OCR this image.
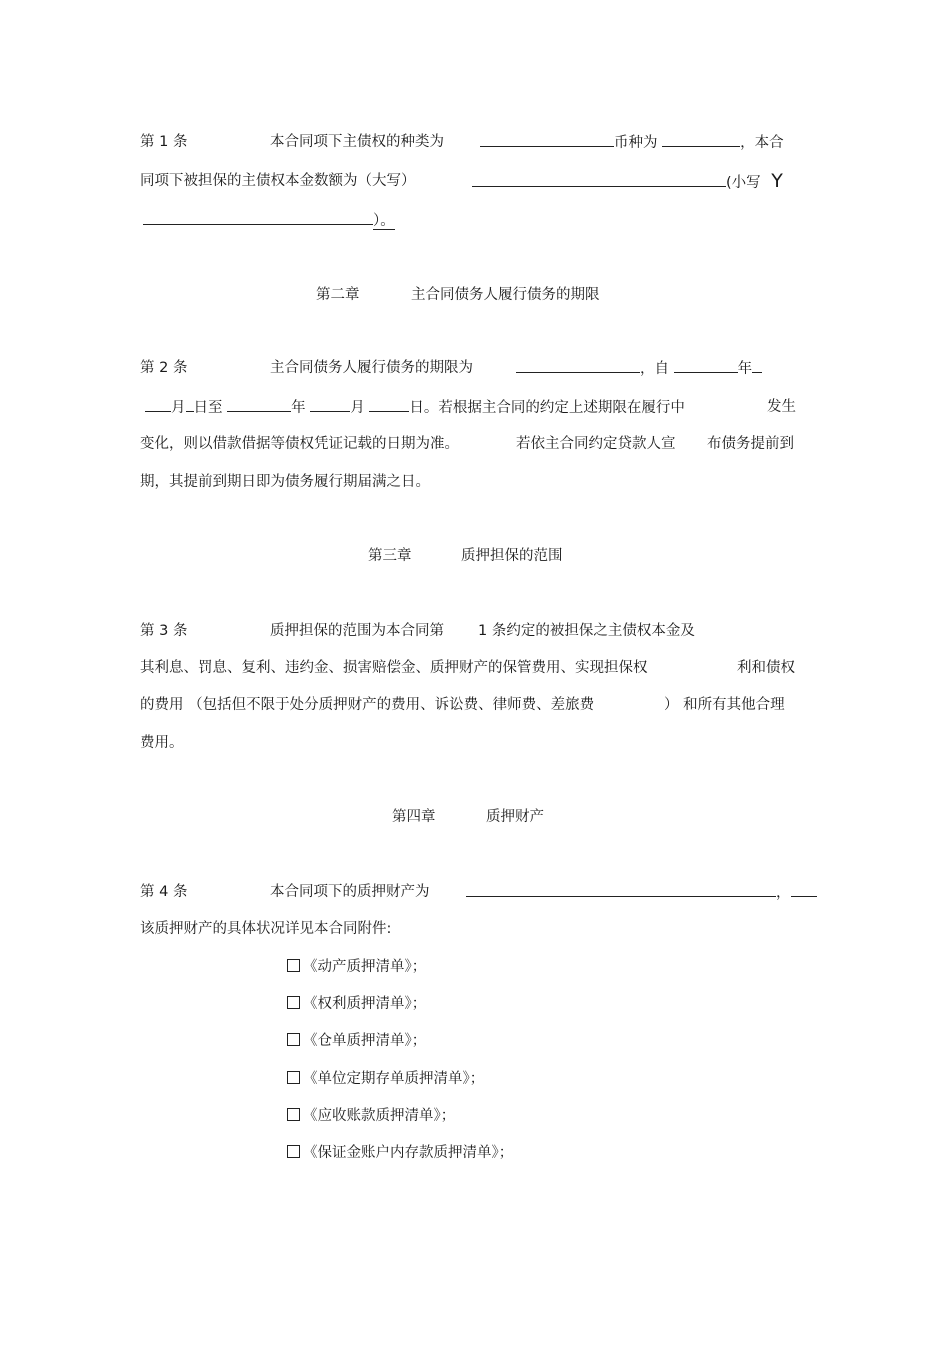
第 1 条	本合同项下主债权的种类为	币种为	，本合
同项下被担保的主债权本金数额为（大写）	(小写 Y
）。
第二章	主合同债务人履行债务的期限
第 2 条	主合同债务人履行债务的期限为	，自	年
月 日至	年	月	日。若根据主合同的约定上述期限在履行中	发生
变化，则以借款借据等债权凭证记载的日期为准。	若依主合同约定贷款人宣 布债务提前到
期，其提前到期日即为债务履行期届满之日。
第三章	质押担保的范围
第 3 条	质押担保的范围为本合同第 1 条约定的被担保之主债权本金及
其利息、罚息、复利、违约金、损害赔偿金、质押财产的保管费用、实现担保权	利和债权
的费用 （包括但不限于处分质押财产的费用、诉讼费、律师费、差旅费	） 和所有其他合理
费用。
第四章	质押财产
第 4 条	本合同项下的质押财产为	，
该质押财产的具体状况详见本合同附件:
《动产质押清单》；
《权利质押清单》；
《仓单质押清单》；
《单位定期存单质押清单》；
《应收账款质押清单》；
《保证金账户内存款质押清单》；
